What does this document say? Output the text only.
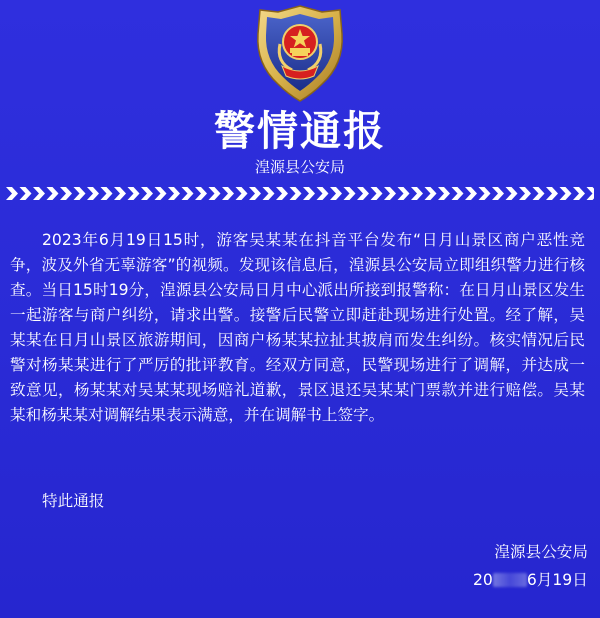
警情通报
湟源县公安局

2023年6月19日15时，游客吴某某在抖音平台发布“日月山景区商户恶性竞争，波及外省无辜游客”的视频。发现该信息后，湟源县公安局立即组织警力进行核查。当日15时19分，湟源县公安局日月中心派出所接到报警称：在日月山景区发生一起游客与商户纠纷，请求出警。接警后民警立即赶赴现场进行处置。经了解，吴某某在日月山景区旅游期间，因商户杨某某拉扯其披肩而发生纠纷。核实情况后民警对杨某某进行了严厉的批评教育。经双方同意，民警现场进行了调解，并达成一致意见，杨某某对吴某某现场赔礼道歉，景区退还吴某某门票款并进行赔偿。吴某某和杨某某对调解结果表示满意，并在调解书上签字。

特此通报
湟源县公安局
20 6月19日
